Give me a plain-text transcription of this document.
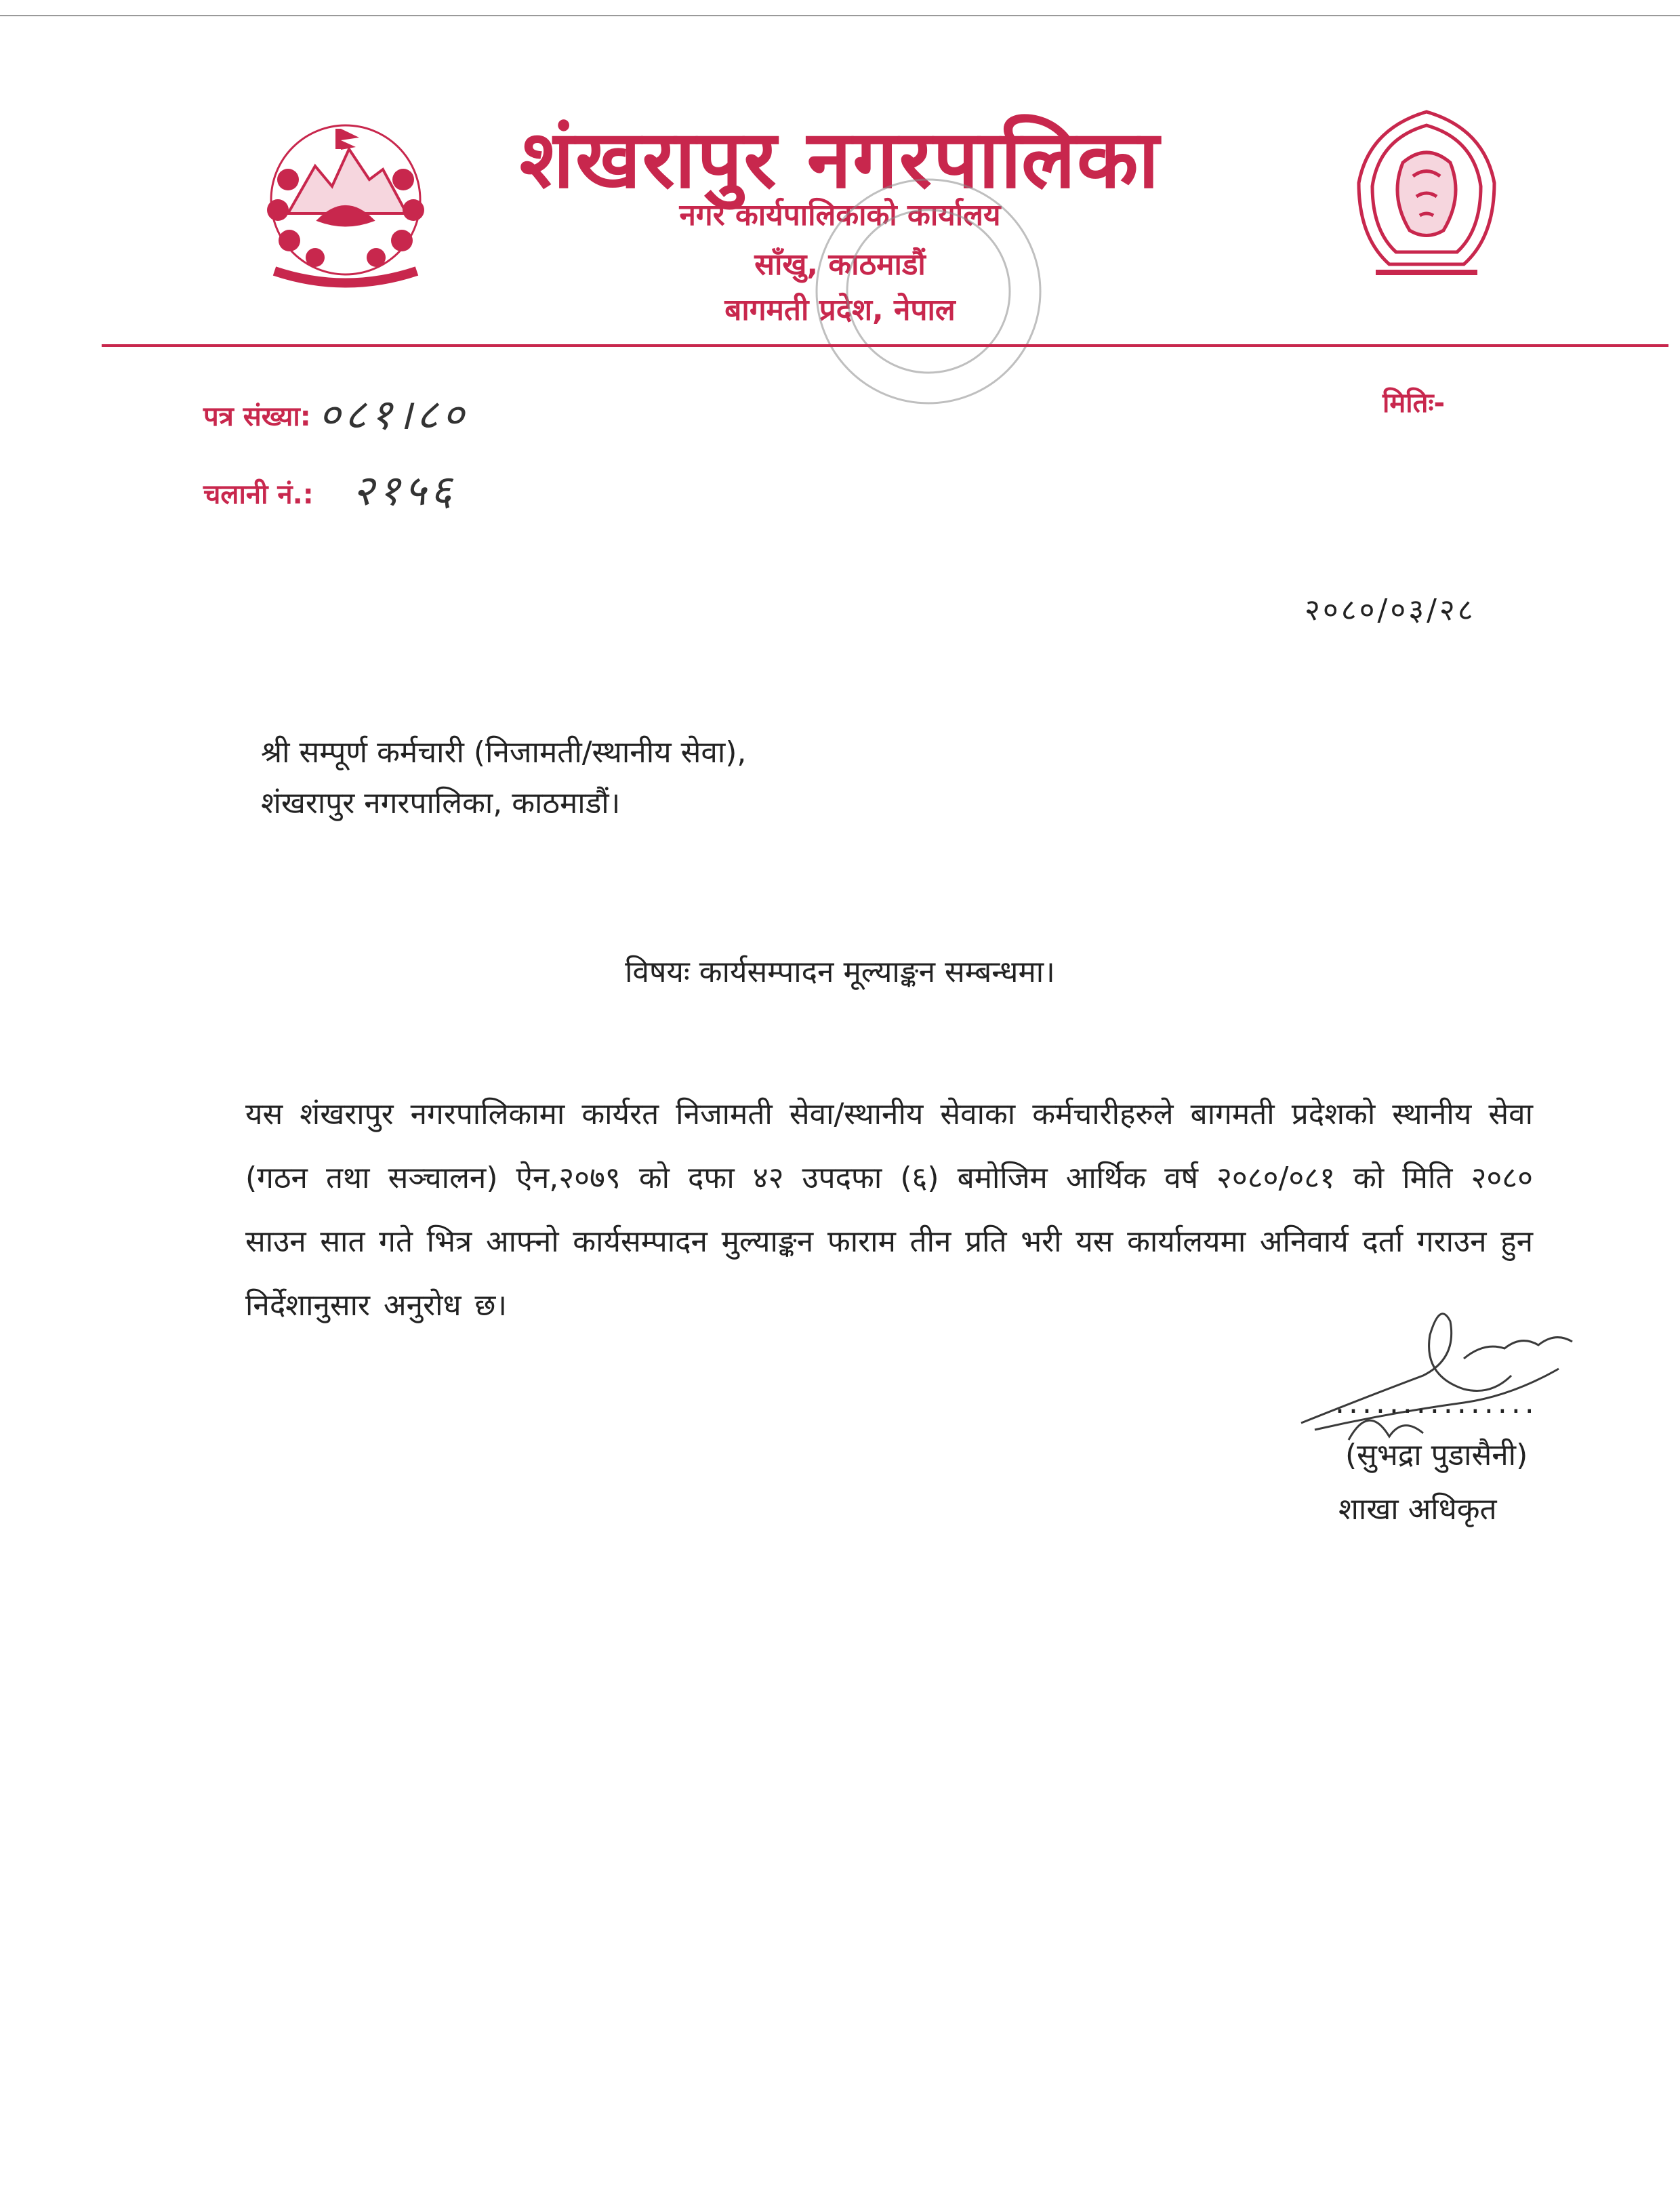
शंखरापुर नगरपालिका
नगर कार्यपालिकाको कार्यालय
साँखु, काठमाडौं
बागमती प्रदेश, नेपाल
पत्र संख्या: ०८१।८०
चलानी नं.: २१५६
मितिः-
२०८०/०३/२८
श्री सम्पूर्ण कर्मचारी (निजामती/स्थानीय सेवा),
शंखरापुर नगरपालिका, काठमाडौं।
विषयः कार्यसम्पादन मूल्याङ्कन सम्बन्धमा।
यस शंखरापुर नगरपालिकामा कार्यरत निजामती सेवा/स्थानीय सेवाका कर्मचारीहरुले बागमती प्रदेशको स्थानीय सेवा (गठन तथा सञ्चालन) ऐन,२०७९ को दफा ४२ उपदफा (६) बमोजिम आर्थिक वर्ष २०८०/०८१ को मिति २०८० साउन सात गते भित्र आफ्नो कार्यसम्पादन मुल्याङ्कन फाराम तीन प्रति भरी यस कार्यालयमा अनिवार्य दर्ता गराउन हुन निर्देशानुसार अनुरोध छ।
...............
(सुभद्रा पुडासैनी)
शाखा अधिकृत
